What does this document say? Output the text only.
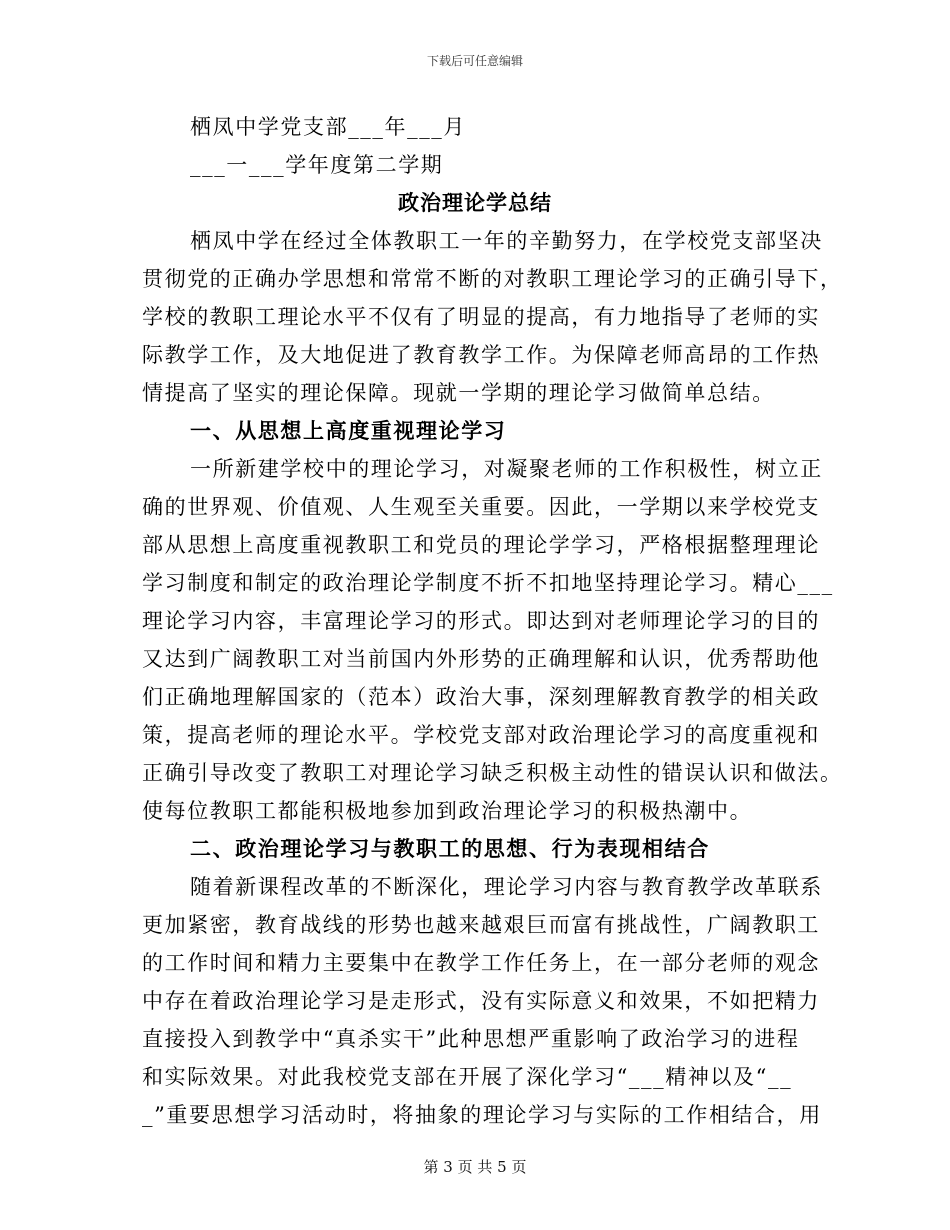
下载后可任意编辑
栖凤中学党支部___年___月
___一___学年度第二学期
政治理论学总结
栖凤中学在经过全体教职工一年的辛勤努力，在学校党支部坚决
贯彻党的正确办学思想和常常不断的对教职工理论学习的正确引导下，
学校的教职工理论水平不仅有了明显的提高，有力地指导了老师的实
际教学工作，及大地促进了教育教学工作。为保障老师高昂的工作热
情提高了坚实的理论保障。现就一学期的理论学习做简单总结。
一、从思想上高度重视理论学习
一所新建学校中的理论学习，对凝聚老师的工作积极性，树立正
确的世界观、价值观、人生观至关重要。因此，一学期以来学校党支
部从思想上高度重视教职工和党员的理论学学习，严格根据整理理论
学习制度和制定的政治理论学制度不折不扣地坚持理论学习。精心___
理论学习内容，丰富理论学习的形式。即达到对老师理论学习的目的
又达到广阔教职工对当前国内外形势的正确理解和认识，优秀帮助他
们正确地理解国家的（范本）政治大事，深刻理解教育教学的相关政
策，提高老师的理论水平。学校党支部对政治理论学习的高度重视和
正确引导改变了教职工对理论学习缺乏积极主动性的错误认识和做法。
使每位教职工都能积极地参加到政治理论学习的积极热潮中。
二、政治理论学习与教职工的思想、行为表现相结合
随着新课程改革的不断深化，理论学习内容与教育教学改革联系
更加紧密，教育战线的形势也越来越艰巨而富有挑战性，广阔教职工
的工作时间和精力主要集中在教学工作任务上，在一部分老师的观念
中存在着政治理论学习是走形式，没有实际意义和效果，不如把精力
直接投入到教学中“真杀实干”此种思想严重影响了政治学习的进程
和实际效果。对此我校党支部在开展了深化学习“___精神以及“__
_”重要思想学习活动时，将抽象的理论学习与实际的工作相结合，用
第 3 页 共 5 页
